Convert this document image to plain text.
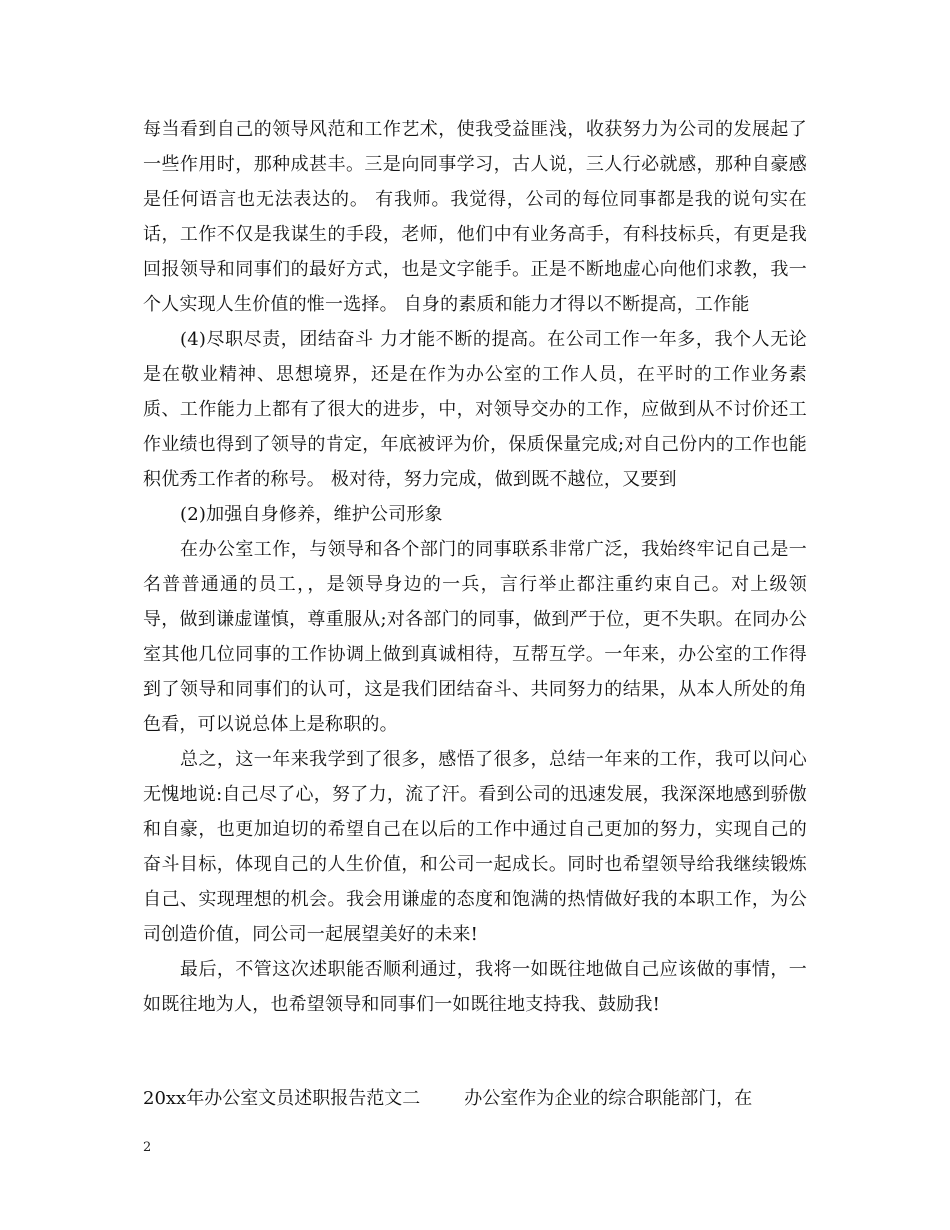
每当看到自己的领导风范和工作艺术，使我受益匪浅，收获努力为公司的发展起了一些作用时，那种成甚丰。三是向同事学习，古人说，三人行必就感，那种自豪感是任何语言也无法表达的。 有我师。我觉得，公司的每位同事都是我的说句实在话，工作不仅是我谋生的手段，老师，他们中有业务高手，有科技标兵，有更是我回报领导和同事们的最好方式，也是文字能手。正是不断地虚心向他们求教，我一个人实现人生价值的惟一选择。 自身的素质和能力才得以不断提高，工作能

(4)尽职尽责，团结奋斗 力才能不断的提高。在公司工作一年多，我个人无论是在敬业精神、思想境界，还是在作为办公室的工作人员，在平时的工作业务素质、工作能力上都有了很大的进步，中，对领导交办的工作，应做到从不讨价还工作业绩也得到了领导的肯定，年底被评为价，保质保量完成;对自己份内的工作也能积优秀工作者的称号。 极对待，努力完成，做到既不越位，又要到

(2)加强自身修养，维护公司形象

在办公室工作，与领导和各个部门的同事联系非常广泛，我始终牢记自己是一名普普通通的员工，，是领导身边的一兵，言行举止都注重约束自己。对上级领导，做到谦虚谨慎，尊重服从;对各部门的同事，做到严于位，更不失职。在同办公室其他几位同事的工作协调上做到真诚相待，互帮互学。一年来，办公室的工作得到了领导和同事们的认可，这是我们团结奋斗、共同努力的结果，从本人所处的角色看，可以说总体上是称职的。

总之，这一年来我学到了很多，感悟了很多，总结一年来的工作，我可以问心无愧地说:自己尽了心，努了力，流了汗。看到公司的迅速发展，我深深地感到骄傲和自豪，也更加迫切的希望自己在以后的工作中通过自己更加的努力，实现自己的奋斗目标，体现自己的人生价值，和公司一起成长。同时也希望领导给我继续锻炼自己、实现理想的机会。我会用谦虚的态度和饱满的热情做好我的本职工作，为公司创造价值，同公司一起展望美好的未来!

最后，不管这次述职能否顺利通过，我将一如既往地做自己应该做的事情，一如既往地为人，也希望领导和同事们一如既往地支持我、鼓励我!

20xx年办公室文员述职报告范文二 办公室作为企业的综合职能部门，在
2
